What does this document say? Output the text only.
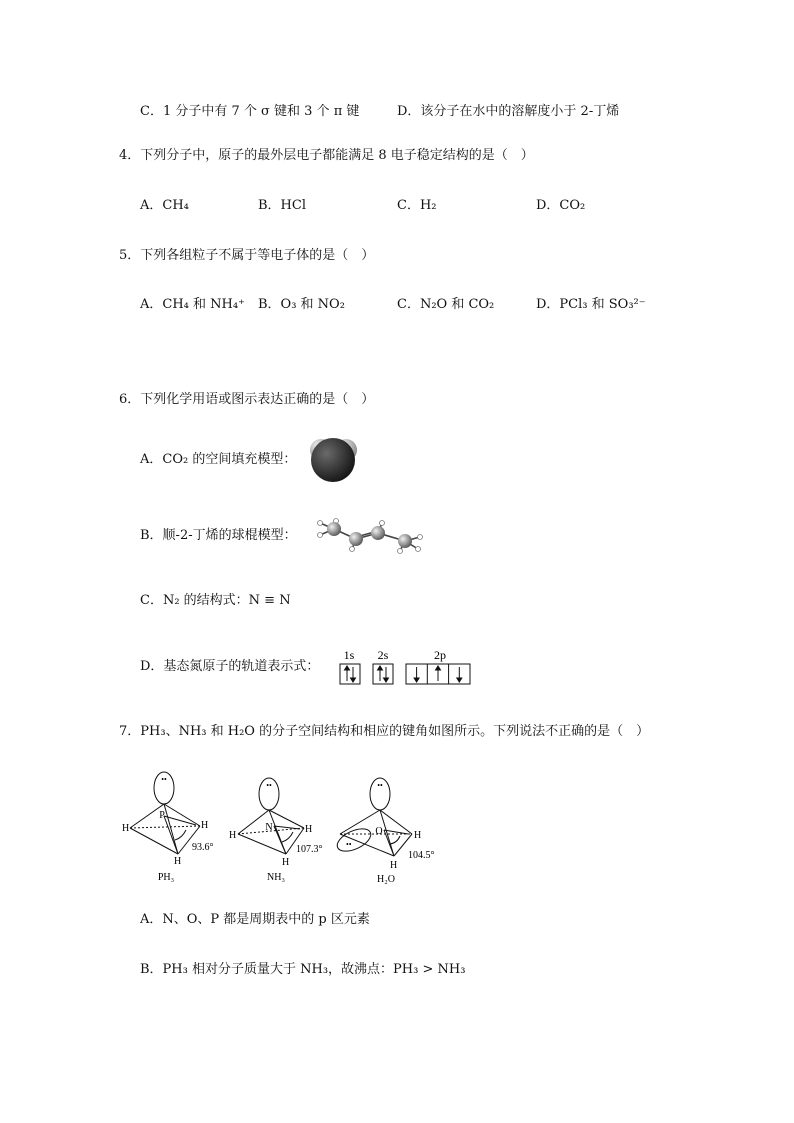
C．1 分子中有 7 个 σ 键和 3 个 π 键	D．该分子在水中的溶解度小于 2-丁烯
4．下列分子中，原子的最外层电子都能满足 8 电子稳定结构的是（　）
A．CH₄	B．HCl	C．H₂	D．CO₂
5．下列各组粒子不属于等电子体的是（　）
A．CH₄ 和 NH₄⁺ B．O₃ 和 NO₂	C．N₂O 和 CO₂	D．PCl₃ 和 SO₃²⁻
6．下列化学用语或图示表达正确的是（　）
A．CO₂ 的空间填充模型：
B．顺-2-丁烯的球棍模型：
C．N₂ 的结构式：N ≡ N
D．基态氮原子的轨道表示式：
1s 2s	2p
7．PH₃、NH₃ 和 H₂O 的分子空间结构和相应的键角如图所示。下列说法不正确的是（　）
••
P
H	H
H
93.6°
PH₃
••
N
H
H
H
107.3°
NH₃
••
••
O	H
H
104.5°
H₂O
A．N、O、P 都是周期表中的 p 区元素
B．PH₃ 相对分子质量大于 NH₃，故沸点：PH₃ > NH₃
